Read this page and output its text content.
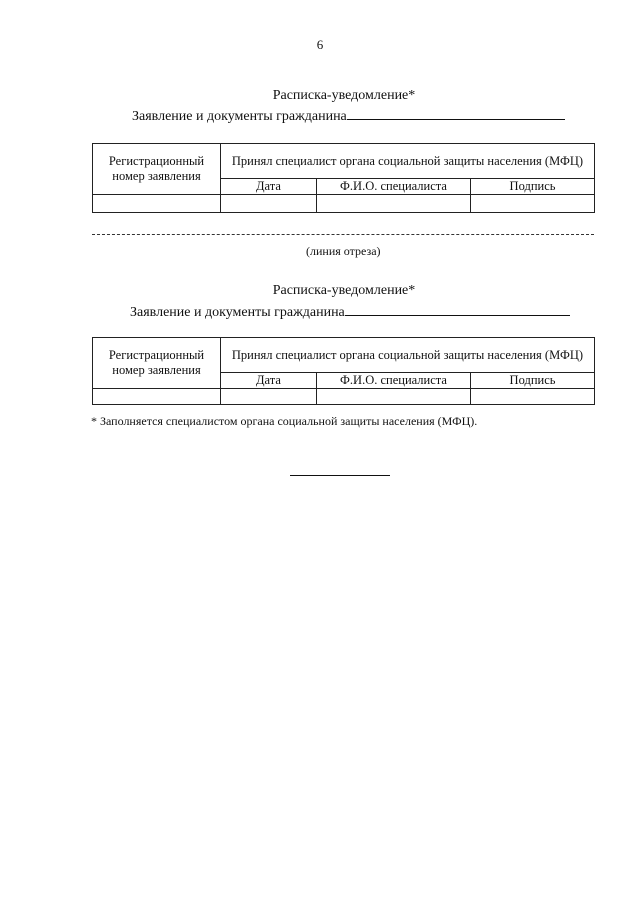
6
Расписка-уведомление*
Заявление и документы гражданина
Регистрационный номер заявления	Принял специалист органа социальной защиты населения (МФЦ)		
	Дата	Ф.И.О. специалиста	Подпись

(линия отреза)
Расписка-уведомление*
Заявление и документы гражданина
Регистрационный номер заявления	Принял специалист органа социальной защиты населения (МФЦ)		
	Дата	Ф.И.О. специалиста	Подпись

* Заполняется специалистом органа социальной защиты населения (МФЦ).
